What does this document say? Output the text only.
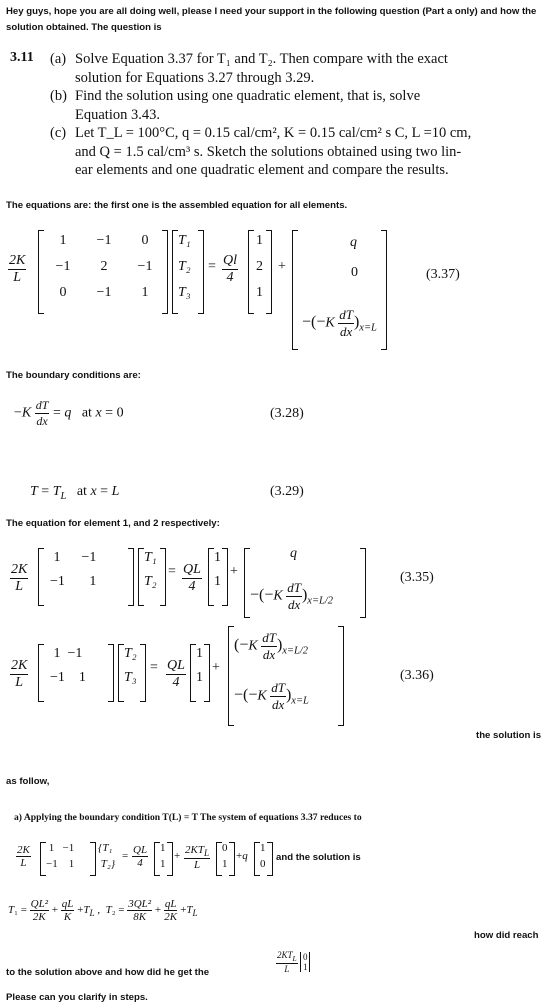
Hey guys, hope you are all doing well, please I need your support in the following question (Part a only) and how the
solution obtained. The question is
3.11 (a) Solve Equation 3.37 for T₁ and T₂. Then compare with the exact
solution for Equations 3.27 through 3.29.
(b) Find the solution using one quadratic element, that is, solve
Equation 3.43.
(c) Let T_L = 100°C, q = 0.15 cal/cm², K = 0.15 cal/cm² s C, L =10 cm,
and Q = 1.5 cal/cm³ s. Sketch the solutions obtained using two lin-
ear elements and one quadratic element and compare the results.
The equations are: the first one is the assembled equation for all elements.
$\frac{2K}{L}$
1	−1	0
−1	2	−1
0	−1	1
T₁
T₂
T₃
= $\frac{Ql}{4}$
1
2
1
+
q
0
$-(-K \frac{dT}{dx} )_{x=L}$
(3.37)
The boundary conditions are:
$-K \frac{dT}{dx} = q$   at x = 0	(3.28)
$T = T_L$   at x = L	(3.29)
The equation for element 1, and 2 respectively:
$\frac{2K}{L}$
1      −1
−1       1
T₁
T₂
= $\frac{QL}{4}$
1
1
+
q
$-(-K \frac{dT}{dx} )_{x=L/2}$
(3.35)
$\frac{2K}{L}$
1  −1
−1    1
T₂
T₃
= $\frac{QL}{4}$
1
1
+
$(-K \frac{dT}{dx} )_{x=L/2}$
$-(-K \frac{dT}{dx} )_{x=L}$
(3.36)
the solution is
as follow,
a) Applying the boundary condition T(L) = T The system of equations 3.37 reduces to
$\frac{2K}{L} 1 -1$
−1    1
{T₁
T₂}
= $\frac{QL}{4} 1$
1
+ $2KT_L$
L
0
1
+q
1
0
and the solution is
$T_1 = \frac{\text{QL²}}{2K} + \frac{qL}{K} +T_L$ ,  $T_2 = \frac{\text{3QL²}}{8K} + \frac{qL}{2K} +T_L$
how did reach
$\frac{2KT_L}{L}$
0
1
to the solution above and how did he get the
Please can you clarify in steps.
